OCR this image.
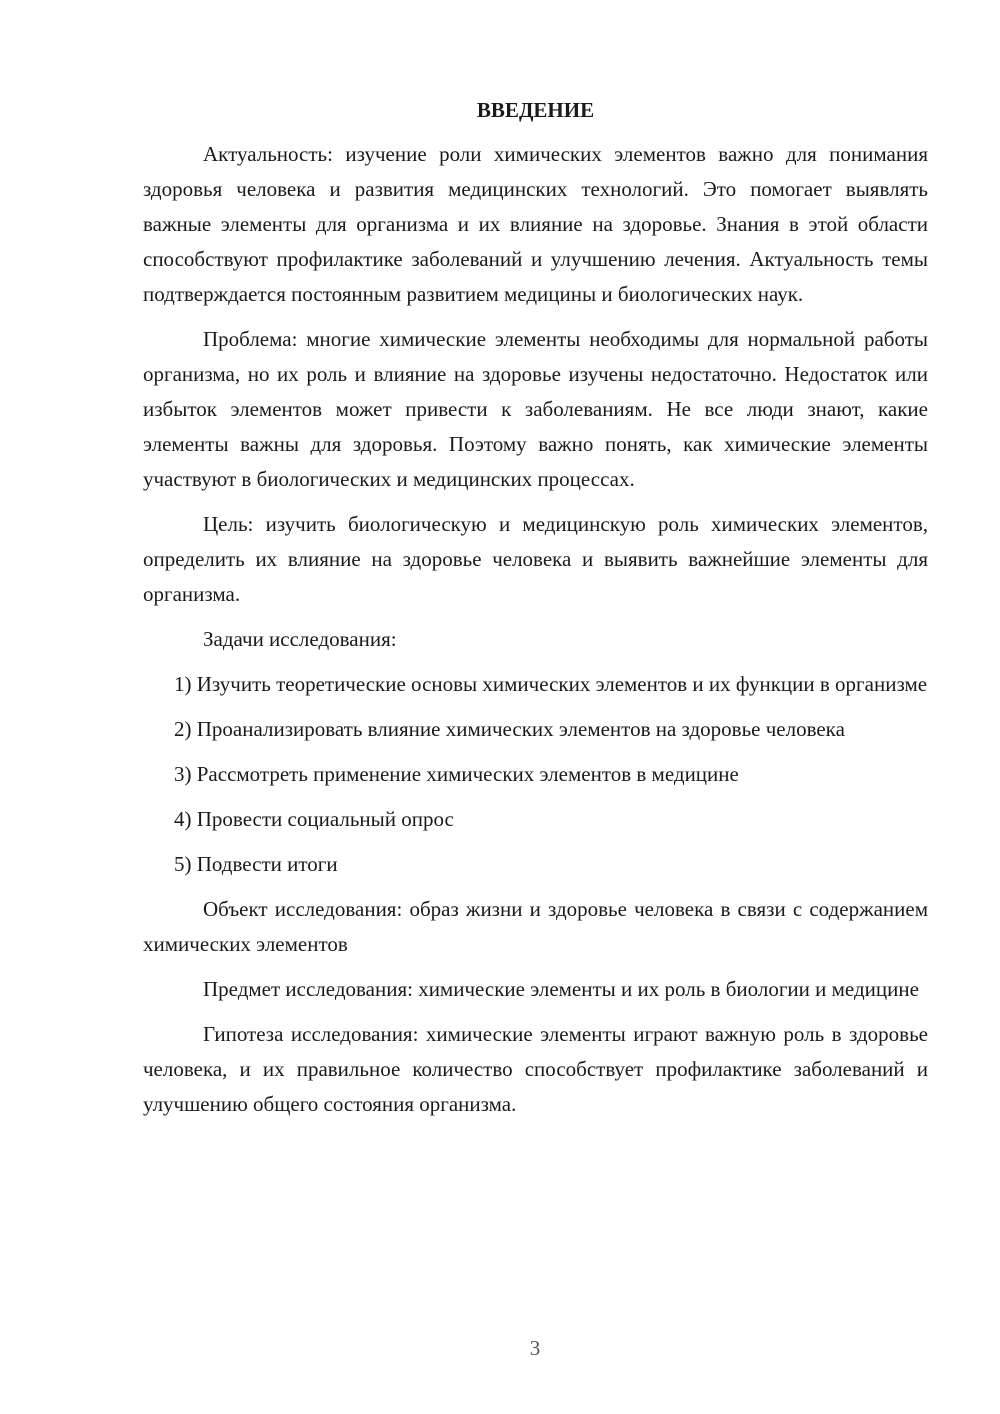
ВВЕДЕНИЕ

Актуальность: изучение роли химических элементов важно для понимания здоровья человека и развития медицинских технологий. Это помогает выявлять важные элементы для организма и их влияние на здоровье. Знания в этой области способствуют профилактике заболеваний и улучшению лечения. Актуальность темы подтверждается постоянным развитием медицины и биологических наук.

Проблема: многие химические элементы необходимы для нормальной работы организма, но их роль и влияние на здоровье изучены недостаточно. Недостаток или избыток элементов может привести к заболеваниям. Не все люди знают, какие элементы важны для здоровья. Поэтому важно понять, как химические элементы участвуют в биологических и медицинских процессах.

Цель: изучить биологическую и медицинскую роль химических элементов, определить их влияние на здоровье человека и выявить важнейшие элементы для организма.

Задачи исследования:

1) Изучить теоретические основы химических элементов и их функции в организме

2) Проанализировать влияние химических элементов на здоровье человека

3) Рассмотреть применение химических элементов в медицине

4) Провести социальный опрос

5) Подвести итоги

Объект исследования: образ жизни и здоровье человека в связи с содержанием химических элементов

Предмет исследования: химические элементы и их роль в биологии и медицине

Гипотеза исследования: химические элементы играют важную роль в здоровье человека, и их правильное количество способствует профилактике заболеваний и улучшению общего состояния организма.

3
